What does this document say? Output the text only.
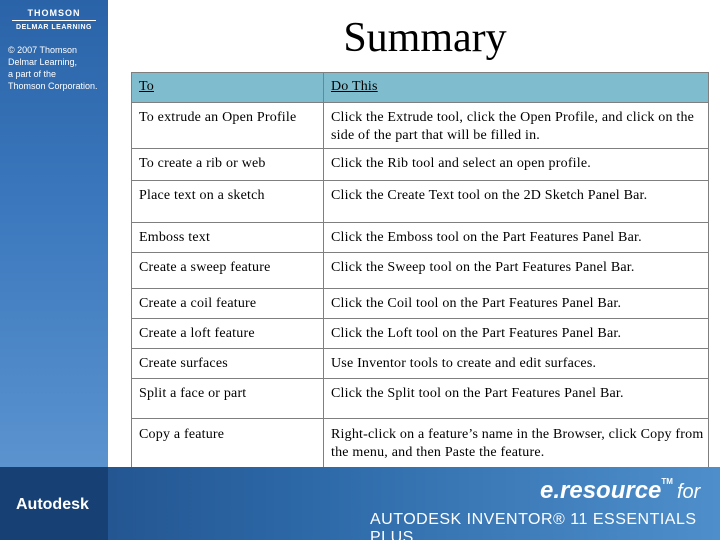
THOMSON
DELMAR LEARNING
© 2007 Thomson
Delmar Learning,
a part of the
Thomson Corporation.
Summary
To	Do This
To extrude an Open Profile	Click the Extrude tool, click the Open Profile, and click on the side of the part that will be filled in.
To create a rib or web	Click the Rib tool and select an open profile.
Place text on a sketch	Click the Create Text tool on the 2D Sketch Panel Bar.
Emboss text	Click the Emboss tool on the Part Features Panel Bar.
Create a sweep feature	Click the Sweep tool on the Part Features Panel Bar.
Create a coil feature	Click the Coil tool on the Part Features Panel Bar.
Create a loft feature	Click the Loft tool on the Part Features Panel Bar.
Create surfaces	Use Inventor tools to create and edit surfaces.
Split a face or part	Click the Split tool on the Part Features Panel Bar.
Copy a feature	Right-click on a feature’s name in the Browser, click Copy from the menu, and then Paste the feature.
Autodesk
e.resource™ for
AUTODESK INVENTOR® 11 ESSENTIALS PLUS
